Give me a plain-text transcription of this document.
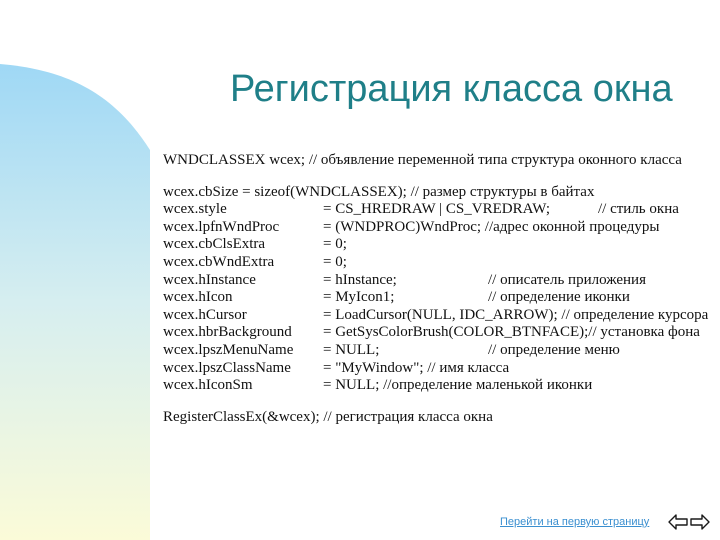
Регистрация класса окна
WNDCLASSEX wcex; // объявление переменной типа структура оконного класса
wcex.cbSize = sizeof(WNDCLASSEX); // размер структуры в байтах
wcex.style	= CS_HREDRAW | CS_VREDRAW;	// стиль окна
wcex.lpfnWndProc	= (WNDPROC)WndProc; //адрес оконной процедуры
wcex.cbClsExtra	= 0;
wcex.cbWndExtra	= 0;
wcex.hInstance	= hInstance;	// описатель приложения
wcex.hIcon	= MyIcon1;	// определение иконки
wcex.hCursor	= LoadCursor(NULL, IDC_ARROW); // определение курсора
wcex.hbrBackground = GetSysColorBrush(COLOR_BTNFACE);// установка фона
wcex.lpszMenuName = NULL;	// определение меню
wcex.lpszClassName = "MyWindow"; // имя класса
wcex.hIconSm	= NULL; //определение маленькой иконки
RegisterClassEx(&wcex); // регистрация класса окна
Перейти на первую страницу
